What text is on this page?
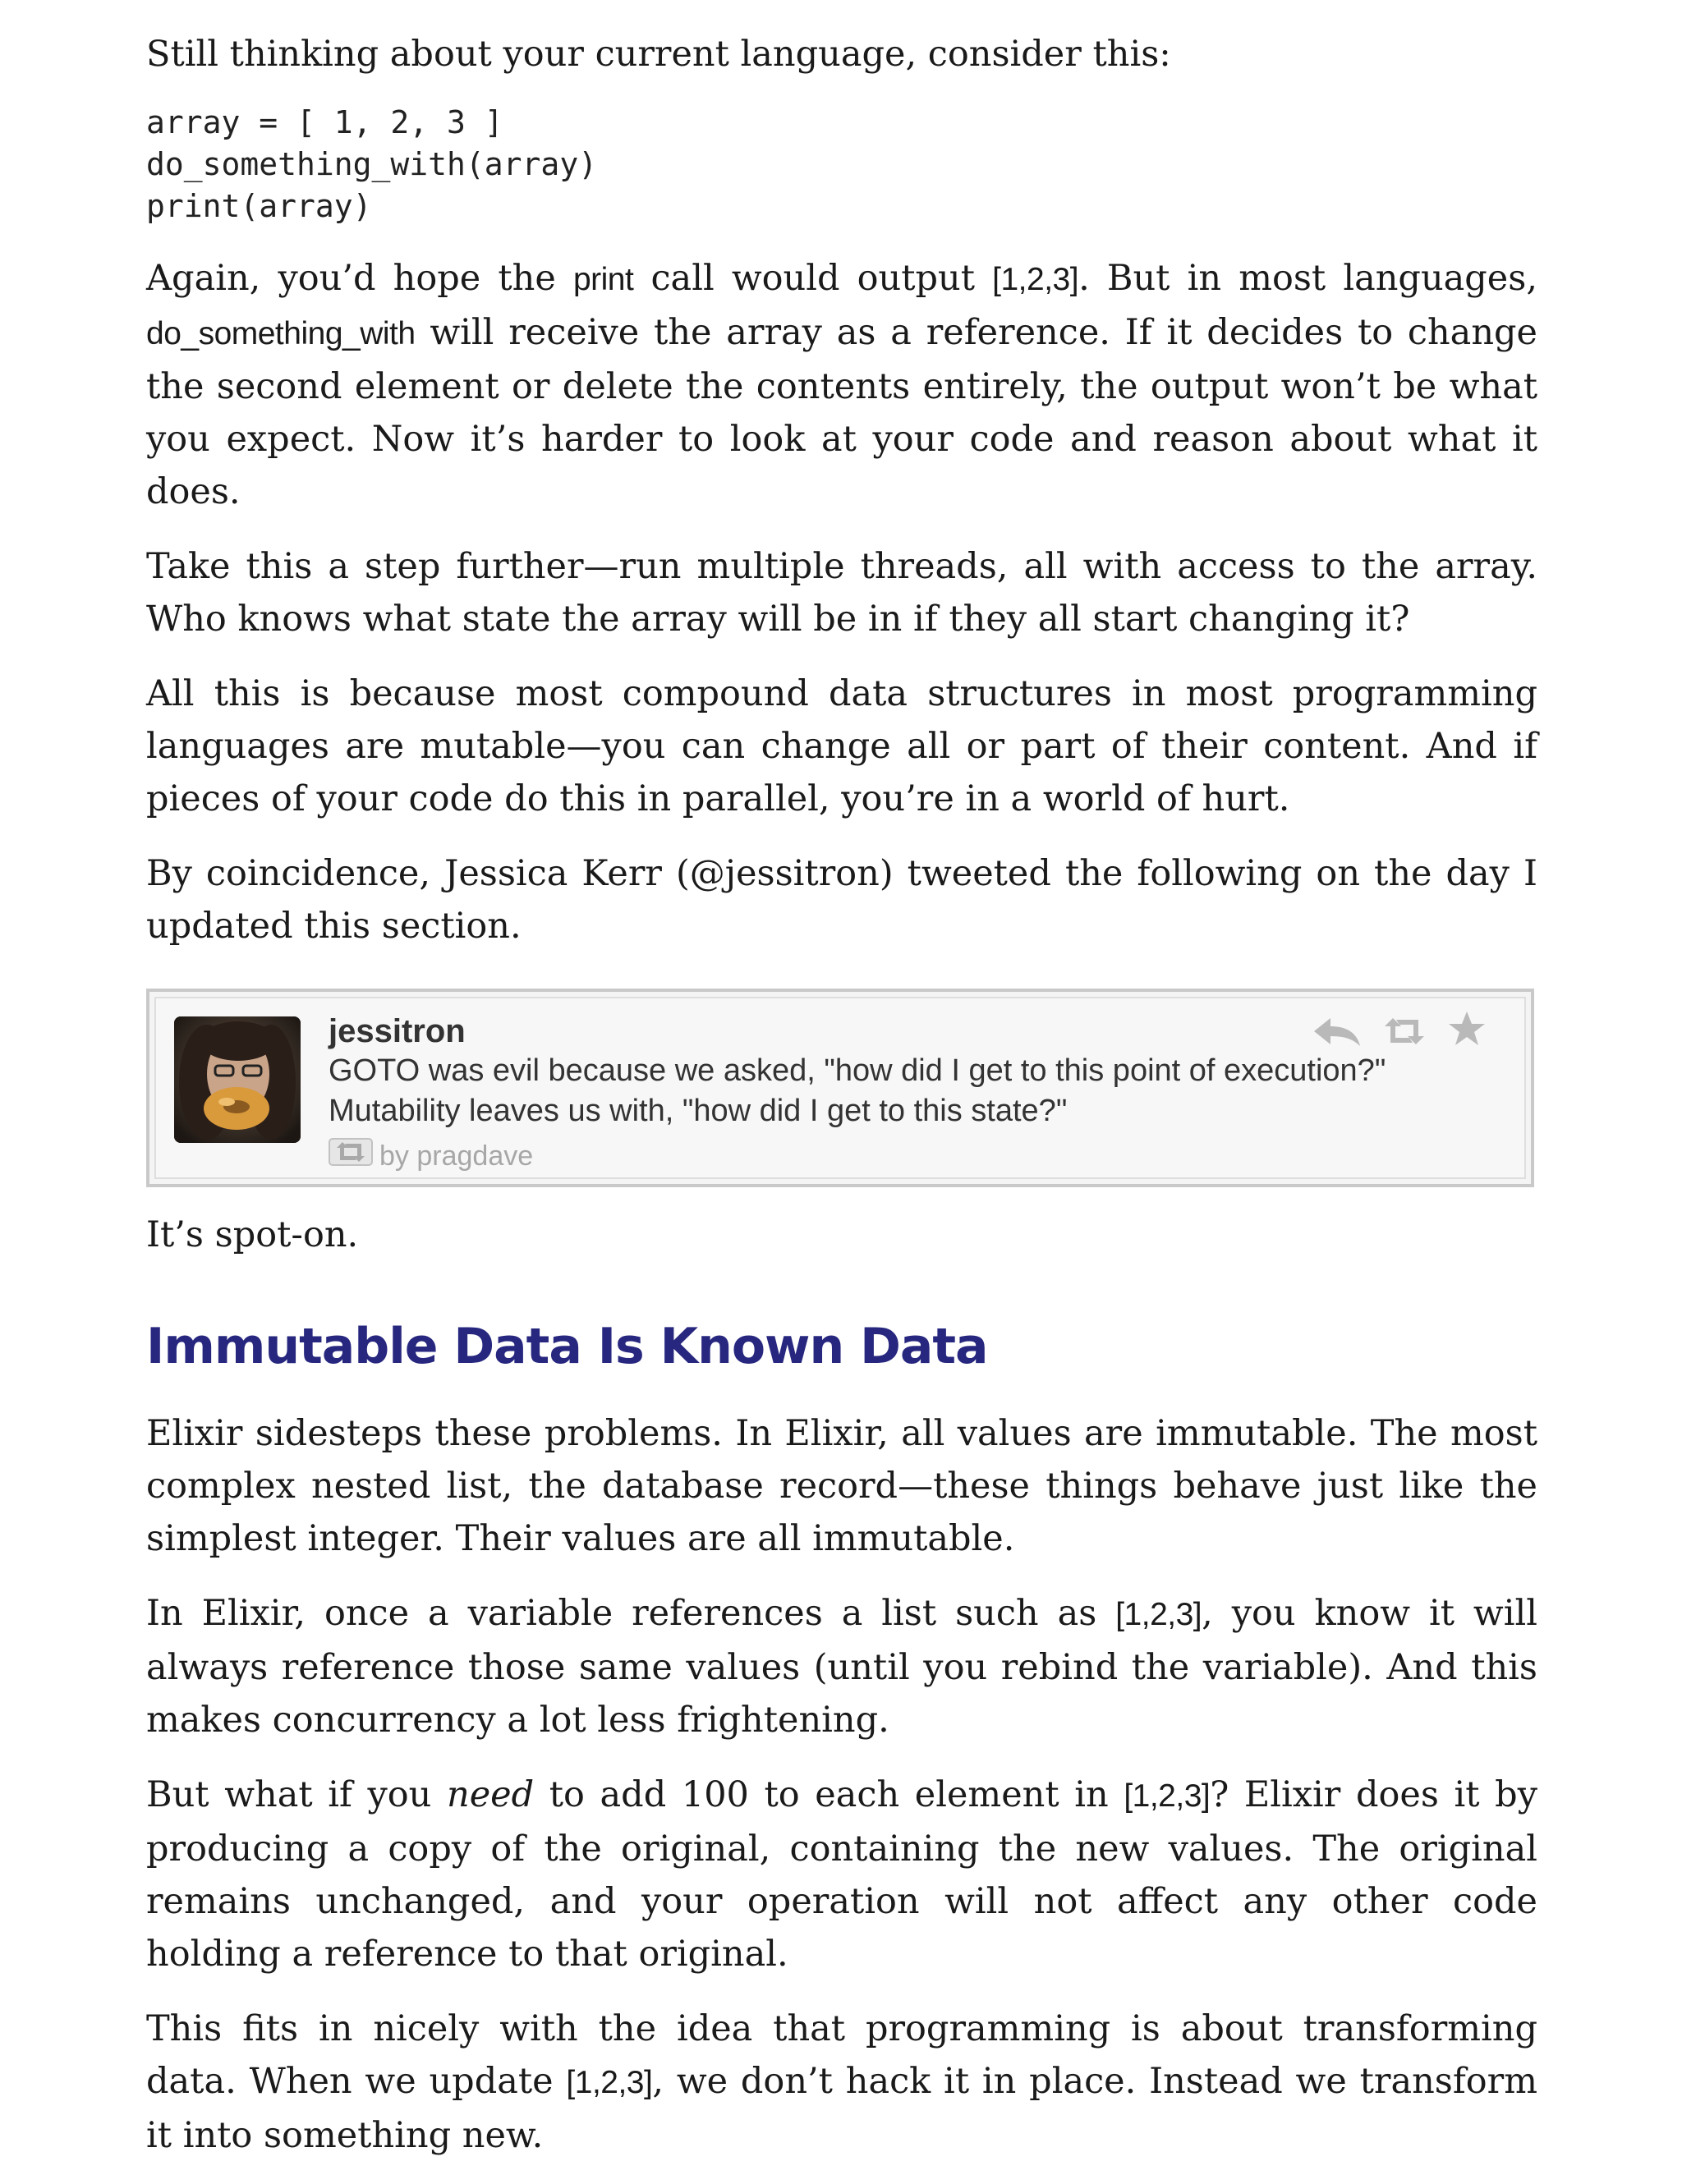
Still thinking about your current language, consider this:

array = [ 1, 2, 3 ]
do_something_with(array)
print(array)

Again, you’d hope the print call would output [1,2,3]. But in most languages, do_something_with will receive the array as a reference. If it decides to change the second element or delete the contents entirely, the output won’t be what you expect. Now it’s harder to look at your code and reason about what it does.

Take this a step further—run multiple threads, all with access to the array. Who knows what state the array will be in if they all start changing it?

All this is because most compound data structures in most programming languages are mutable—you can change all or part of their content. And if pieces of your code do this in parallel, you’re in a world of hurt.

By coincidence, Jessica Kerr (@jessitron) tweeted the following on the day I updated this section.

jessitron
GOTO was evil because we asked, "how did I get to this point of execution?"
Mutability leaves us with, "how did I get to this state?"
by pragdave

It’s spot-on.

Immutable Data Is Known Data

Elixir sidesteps these problems. In Elixir, all values are immutable. The most complex nested list, the database record—these things behave just like the simplest integer. Their values are all immutable.

In Elixir, once a variable references a list such as [1,2,3], you know it will always reference those same values (until you rebind the variable). And this makes concurrency a lot less frightening.

But what if you need to add 100 to each element in [1,2,3]? Elixir does it by producing a copy of the original, containing the new values. The original remains unchanged, and your operation will not affect any other code holding a reference to that original.

This fits in nicely with the idea that programming is about transforming data. When we update [1,2,3], we don’t hack it in place. Instead we transform it into something new.
